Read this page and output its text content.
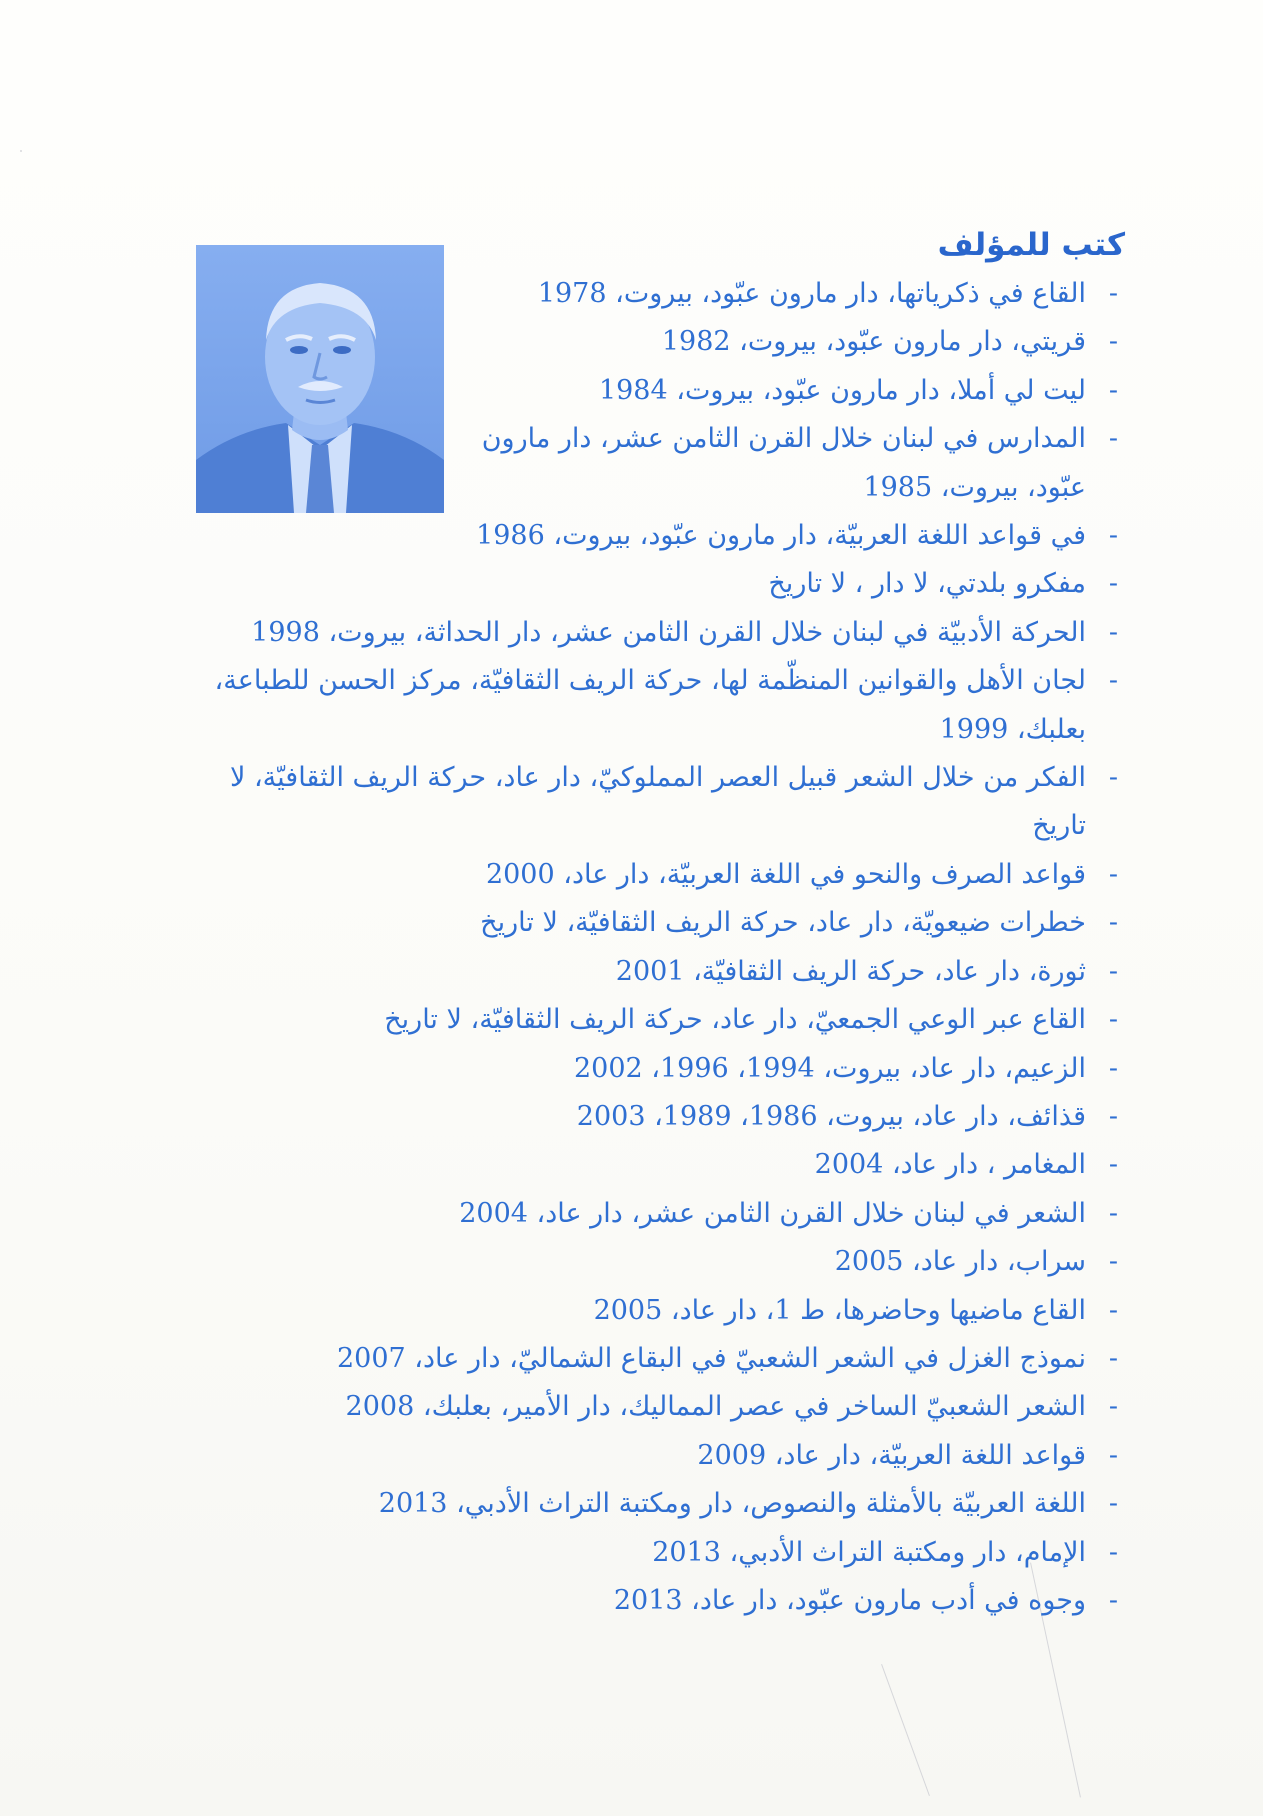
كتب للمؤلف
-
القاع في ذكرياتها، دار مارون عبّود، بيروت، 1978
-
قريتي، دار مارون عبّود، بيروت، 1982
-
ليت لي أملا، دار مارون عبّود، بيروت، 1984
-
المدارس في لبنان خلال القرن الثامن عشر، دار مارون عبّود، بيروت، 1985
-
في قواعد اللغة العربيّة، دار مارون عبّود، بيروت، 1986
-
مفكرو بلدتي، لا دار ، لا تاريخ
-
الحركة الأدبيّة في لبنان خلال القرن الثامن عشر، دار الحداثة، بيروت، 1998
-
لجان الأهل والقوانين المنظّمة لها، حركة الريف الثقافيّة، مركز الحسن للطباعة، بعلبك، 1999
-
الفكر من خلال الشعر قبيل العصر المملوكيّ، دار عاد، حركة الريف الثقافيّة، لا تاريخ
-
قواعد الصرف والنحو في اللغة العربيّة، دار عاد، 2000
-
خطرات ضيعويّة، دار عاد، حركة الريف الثقافيّة، لا تاريخ
-
ثورة، دار عاد، حركة الريف الثقافيّة، 2001
-
القاع عبر الوعي الجمعيّ، دار عاد، حركة الريف الثقافيّة، لا تاريخ
-
الزعيم، دار عاد، بيروت، 1994، 1996، 2002
-
قذائف، دار عاد، بيروت، 1986، 1989، 2003
-
المغامر ، دار عاد، 2004
-
الشعر في لبنان خلال القرن الثامن عشر، دار عاد، 2004
-
سراب، دار عاد، 2005
-
القاع ماضيها وحاضرها، ط 1، دار عاد، 2005
-
نموذج الغزل في الشعر الشعبيّ في البقاع الشماليّ، دار عاد، 2007
-
الشعر الشعبيّ الساخر في عصر المماليك، دار الأمير، بعلبك، 2008
-
قواعد اللغة العربيّة، دار عاد، 2009
-
اللغة العربيّة بالأمثلة والنصوص، دار ومكتبة التراث الأدبي، 2013
-
الإمام، دار ومكتبة التراث الأدبي، 2013
-
وجوه في أدب مارون عبّود، دار عاد، 2013
